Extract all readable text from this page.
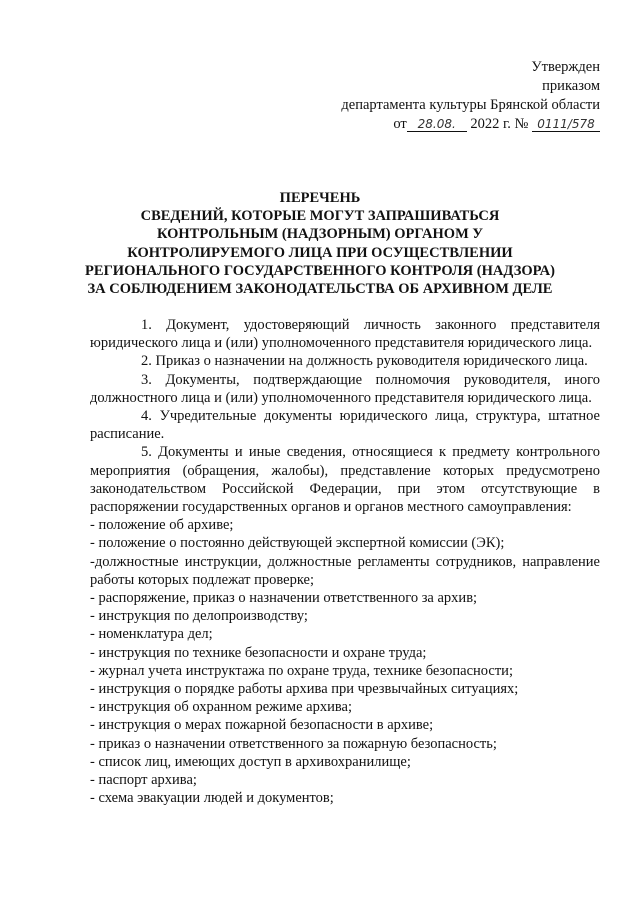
Утвержден
приказом
департамента культуры Брянской области
от 28.08. 2022 г. № 0111/578
ПЕРЕЧЕНЬ
СВЕДЕНИЙ, КОТОРЫЕ МОГУТ ЗАПРАШИВАТЬСЯ
КОНТРОЛЬНЫМ (НАДЗОРНЫМ) ОРГАНОМ У
КОНТРОЛИРУЕМОГО ЛИЦА ПРИ ОСУЩЕСТВЛЕНИИ
РЕГИОНАЛЬНОГО ГОСУДАРСТВЕННОГО КОНТРОЛЯ (НАДЗОРА)
ЗА СОБЛЮДЕНИЕМ ЗАКОНОДАТЕЛЬСТВА ОБ АРХИВНОМ ДЕЛЕ

1. Документ, удостоверяющий личность законного представителя юридического лица и (или) уполномоченного представителя юридического лица.

2. Приказ о назначении на должность руководителя юридического лица.

3. Документы, подтверждающие полномочия руководителя, иного должностного лица и (или) уполномоченного представителя юридического лица.

4. Учредительные документы юридического лица, структура, штатное расписание.

5. Документы и иные сведения, относящиеся к предмету контрольного мероприятия (обращения, жалобы), представление которых предусмотрено законодательством Российской Федерации, при этом отсутствующие в распоряжении государственных органов и органов местного самоуправления:

- положение об архиве;

- положение о постоянно действующей экспертной комиссии (ЭК);

-должностные инструкции, должностные регламенты сотрудников, направление работы которых подлежат проверке;

- распоряжение, приказ о назначении ответственного за архив;

- инструкция по делопроизводству;

- номенклатура дел;

- инструкция по технике безопасности и охране труда;

- журнал учета инструктажа по охране труда, технике безопасности;

- инструкция о порядке работы архива при чрезвычайных ситуациях;

- инструкция об охранном режиме архива;

- инструкция о мерах пожарной безопасности в архиве;

- приказ о назначении ответственного за пожарную безопасность;

- список лиц, имеющих доступ в архивохранилище;

- паспорт архива;

- схема эвакуации людей и документов;
